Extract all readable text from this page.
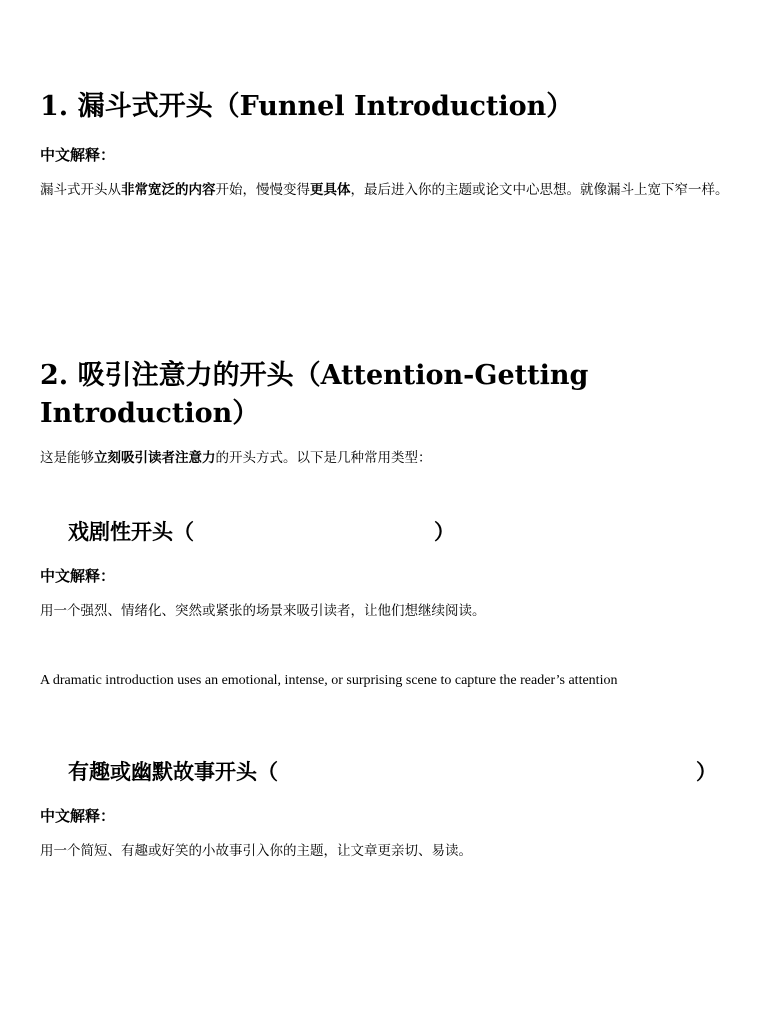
1. 漏斗式开头（Funnel Introduction）
中文解释：
漏斗式开头从非常宽泛的内容开始，慢慢变得更具体，最后进入你的主题或论文中心思想。就像漏斗上宽下窄一样。
2. 吸引注意力的开头（Attention-Getting
Introduction）
这是能够立刻吸引读者注意力的开头方式。以下是几种常用类型：
戏剧性开头（	）
中文解释：
用一个强烈、情绪化、突然或紧张的场景来吸引读者，让他们想继续阅读。
A dramatic introduction uses an emotional, intense, or surprising scene to capture the reader’s attention
有趣或幽默故事开头（	）
中文解释：
用一个简短、有趣或好笑的小故事引入你的主题，让文章更亲切、易读。
